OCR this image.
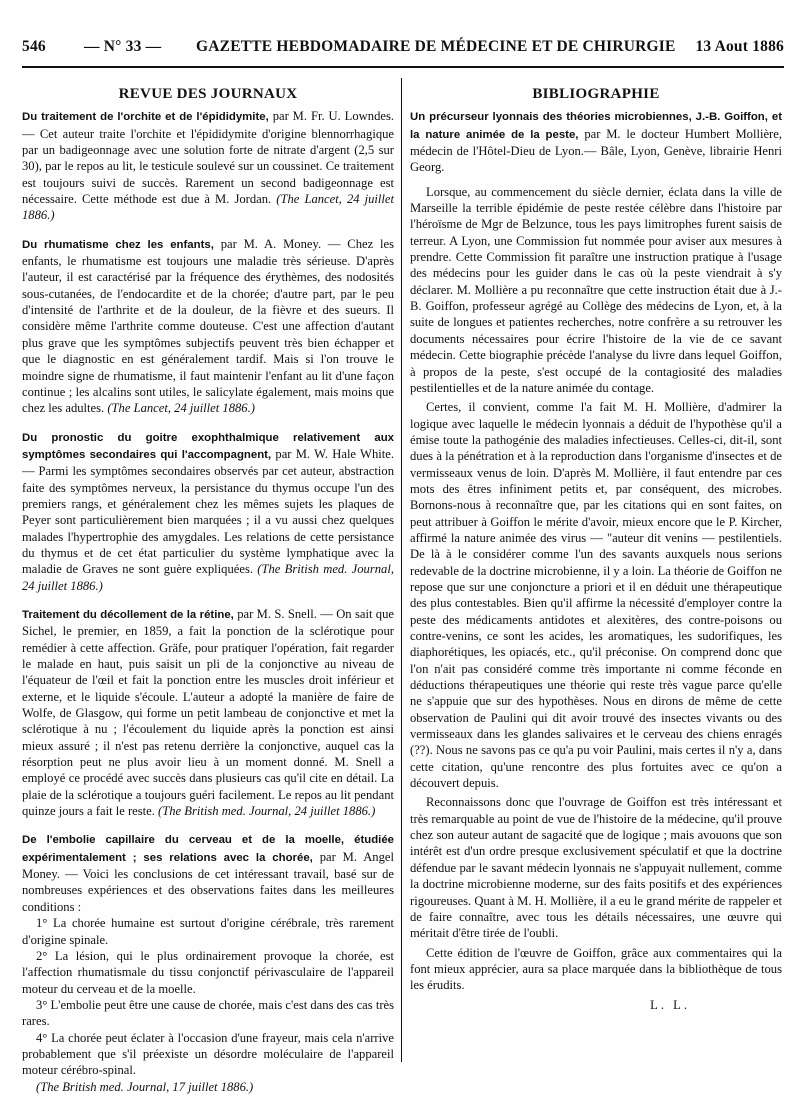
546 — N° 33 — GAZETTE HEBDOMADAIRE DE MÉDECINE ET DE CHIRURGIE 13 Aout 1886
REVUE DES JOURNAUX

Du traitement de l'orchite et de l'épididymite, par M. Fr. U. Lowndes. — Cet auteur traite l'orchite et l'épididymite d'origine blennorrhagique par un badigeonnage avec une solution forte de nitrate d'argent (2,5 sur 30), par le repos au lit, le testicule soulevé sur un coussinet. Ce traitement est toujours suivi de succès. Rarement un second badigeonnage est nécessaire. Cette méthode est due à M. Jordan. (The Lancet, 24 juillet 1886.)

Du rhumatisme chez les enfants, par M. A. Money. — Chez les enfants, le rhumatisme est toujours une maladie très sérieuse. D'après l'auteur, il est caractérisé par la fréquence des érythèmes, des nodosités sous-cutanées, de l'endocardite et de la chorée; d'autre part, par le peu d'intensité de l'arthrite et de la douleur, de la fièvre et des sueurs. Il considère même l'arthrite comme douteuse. C'est une affection d'autant plus grave que les symptômes subjectifs peuvent très bien échapper et que le diagnostic en est généralement tardif. Mais si l'on trouve le moindre signe de rhumatisme, il faut maintenir l'enfant au lit d'une façon continue ; les alcalins sont utiles, le salicylate également, mais moins que chez les adultes. (The Lancet, 24 juillet 1886.)

Du pronostic du goitre exophthalmique relativement aux symptômes secondaires qui l'accompagnent, par M. W. Hale White. — Parmi les symptômes secondaires observés par cet auteur, abstraction faite des symptômes nerveux, la persistance du thymus occupe l'un des premiers rangs, et généralement chez les mêmes sujets les plaques de Peyer sont particulièrement bien marquées ; il a vu aussi chez quelques malades l'hypertrophie des amygdales. Les relations de cette persistance du thymus et de cet état particulier du système lymphatique avec la maladie de Graves ne sont guère expliquées. (The British med. Journal, 24 juillet 1886.)

Traitement du décollement de la rétine, par M. S. Snell. — On sait que Sichel, le premier, en 1859, a fait la ponction de la sclérotique pour remédier à cette affection. Gräfe, pour pratiquer l'opération, fait regarder le malade en haut, puis saisit un pli de la conjonctive au niveau de l'équateur de l'œil et fait la ponction entre les muscles droit inférieur et externe, et le liquide s'écoule. L'auteur a adopté la manière de faire de Wolfe, de Glasgow, qui forme un petit lambeau de conjonctive et met la sclérotique à nu ; l'écoulement du liquide après la ponction est ainsi mieux assuré ; il n'est pas retenu derrière la conjonctive, auquel cas la résorption peut ne plus avoir lieu à un moment donné. M. Snell a employé ce procédé avec succès dans plusieurs cas qu'il cite en détail. La plaie de la sclérotique a toujours guéri facilement. Le repos au lit pendant quinze jours a fait le reste. (The British med. Journal, 24 juillet 1886.)

De l'embolie capillaire du cerveau et de la moelle, étudiée expérimentalement ; ses relations avec la chorée, par M. Angel Money. — Voici les conclusions de cet intéressant travail, basé sur de nombreuses expériences et des observations faites dans les meilleures conditions :

1° La chorée humaine est surtout d'origine cérébrale, très rarement d'origine spinale.

2° La lésion, qui le plus ordinairement provoque la chorée, est l'affection rhumatismale du tissu conjonctif périvasculaire de l'appareil moteur du cerveau et de la moelle.

3° L'embolie peut être une cause de chorée, mais c'est dans des cas très rares.

4° La chorée peut éclater à l'occasion d'une frayeur, mais cela n'arrive probablement que s'il préexiste un désordre moléculaire de l'appareil moteur cérébro-spinal.

(The British med. Journal, 17 juillet 1886.)

BIBLIOGRAPHIE

Un précurseur lyonnais des théories microbiennes, J.-B. Goiffon, et la nature animée de la peste, par M. le docteur Humbert Mollière, médecin de l'Hôtel-Dieu de Lyon.— Bâle, Lyon, Genève, librairie Henri Georg.

Lorsque, au commencement du siècle dernier, éclata dans la ville de Marseille la terrible épidémie de peste restée célèbre dans l'histoire par l'héroïsme de Mgr de Belzunce, tous les pays limitrophes furent saisis de terreur. A Lyon, une Commission fut nommée pour aviser aux mesures à prendre. Cette Commission fit paraître une instruction pratique à l'usage des médecins pour les guider dans le cas où la peste viendrait à s'y déclarer. M. Mollière a pu reconnaître que cette instruction était due à J.-B. Goiffon, professeur agrégé au Collège des médecins de Lyon, et, à la suite de longues et patientes recherches, notre confrère a su retrouver les documents nécessaires pour écrire l'histoire de la vie de ce savant médecin. Cette biographie précède l'analyse du livre dans lequel Goiffon, à propos de la peste, s'est occupé de la contagiosité des maladies pestilentielles et de la nature animée du contage.

Certes, il convient, comme l'a fait M. H. Mollière, d'admirer la logique avec laquelle le médecin lyonnais a déduit de l'hypothèse qu'il a émise toute la pathogénie des maladies infectieuses. Celles-ci, dit-il, sont dues à la pénétration et à la reproduction dans l'organisme d'insectes et de vermisseaux venus de loin. D'après M. Mollière, il faut entendre par ces mots des êtres infiniment petits et, par conséquent, des microbes. Bornons-nous à reconnaître que, par les citations qui en sont faites, on peut attribuer à Goiffon le mérite d'avoir, mieux encore que le P. Kircher, affirmé la nature animée des virus — "auteur dit venins — pestilentiels. De là à le considérer comme l'un des savants auxquels nous serions redevable de la doctrine microbienne, il y a loin. La théorie de Goiffon ne repose que sur une conjoncture a priori et il en déduit une thérapeutique des plus contestables. Bien qu'il affirme la nécessité d'employer contre la peste des médicaments antidotes et alexitères, des contre-poisons ou contre-venins, ce sont les acides, les aromatiques, les sudorifiques, les diaphorétiques, les opiacés, etc., qu'il préconise. On comprend donc que l'on n'ait pas considéré comme très importante ni comme féconde en déductions thérapeutiques une théorie qui reste très vague parce qu'elle ne s'appuie que sur des hypothèses. Nous en dirons de même de cette observation de Paulini qui dit avoir trouvé des insectes vivants ou des vermisseaux dans les glandes salivaires et le cerveau des chiens enragés (??). Nous ne savons pas ce qu'a pu voir Paulini, mais certes il n'y a, dans cette citation, qu'une rencontre des plus fortuites avec ce qu'on a découvert depuis.

Reconnaissons donc que l'ouvrage de Goiffon est très intéressant et très remarquable au point de vue de l'histoire de la médecine, qu'il prouve chez son auteur autant de sagacité que de logique ; mais avouons que son intérêt est d'un ordre presque exclusivement spéculatif et que la doctrine défendue par le savant médecin lyonnais ne s'appuyait nullement, comme la doctrine microbienne moderne, sur des faits positifs et des expériences rigoureuses. Quant à M. H. Mollière, il a eu le grand mérite de rappeler et de faire connaître, avec tous les détails nécessaires, une œuvre qui méritait d'être tirée de l'oubli.

Cette édition de l'œuvre de Goiffon, grâce aux commentaires qui la font mieux apprécier, aura sa place marquée dans la bibliothèque de tous les érudits.

L. L.
